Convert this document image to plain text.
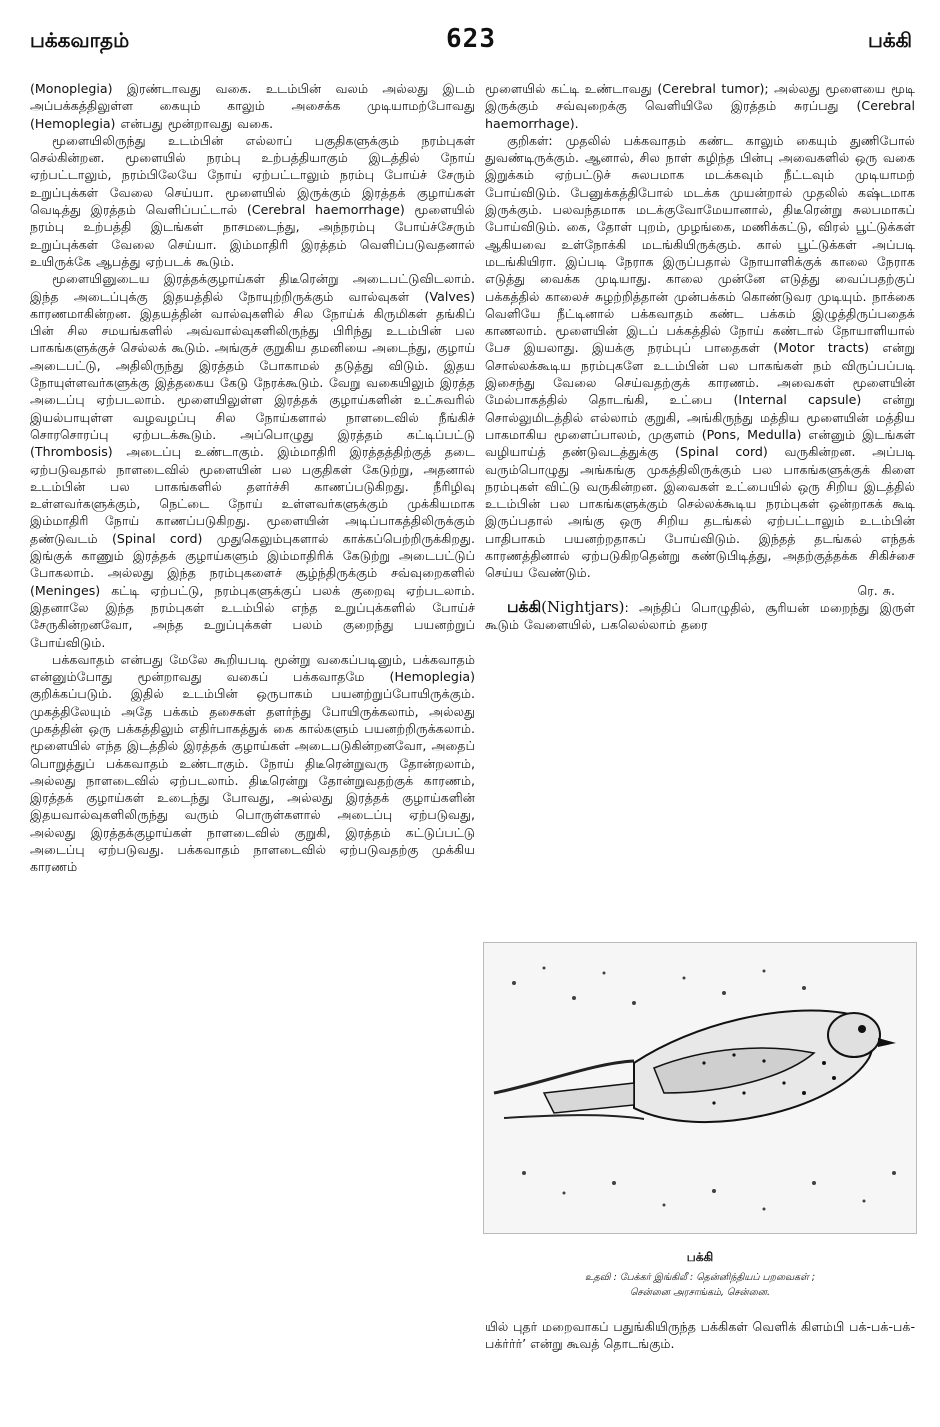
பக்கவாதம்	623	பக்கி

(Monoplegia) இரண்டாவது வகை. உடம்பின் வலம் அல்லது இடம் அப்பக்கத்திலுள்ள கையும் காலும் அசைக்க முடியாமற்போவது (Hemoplegia) என்பது மூன்றாவது வகை.

மூளையிலிருந்து உடம்பின் எல்லாப் பகுதிகளுக்கும் நரம்புகள் செல்கின்றன. மூளையில் நரம்பு உற்பத்தியாகும் இடத்தில் நோய் ஏற்பட்டாலும், நரம்பிலேயே நோய் ஏற்பட்டாலும் நரம்பு போய்ச் சேரும் உறுப்புக்கள் வேலை செய்யா. மூளையில் இருக்கும் இரத்தக் குழாய்கள் வெடித்து இரத்தம் வெளிப்பட்டால் (Cerebral haemorrhage) மூளையில் நரம்பு உற்பத்தி இடங்கள் நாசமடைந்து, அந்நரம்பு போய்ச்சேரும் உறுப்புக்கள் வேலை செய்யா. இம்மாதிரி இரத்தம் வெளிப்படுவதனால் உயிருக்கே ஆபத்து ஏற்படக் கூடும்.

மூளையினுடைய இரத்தக்குழாய்கள் திடீரென்று அடைபட்டுவிடலாம். இந்த அடைப்புக்கு இதயத்தில் நோயுற்றிருக்கும் வால்வுகள் (Valves) காரணமாகின்றன. இதயத்தின் வால்வுகளில் சில நோய்க் கிருமிகள் தங்கிப் பின் சில சமயங்களில் அவ்வால்வுகளிலிருந்து பிரிந்து உடம்பின் பல பாகங்களுக்குச் செல்லக் கூடும். அங்குச் குறுகிய தமனியை அடைந்து, குழாய் அடைபட்டு, அதிலிருந்து இரத்தம் போகாமல் தடுத்து விடும். இதய நோயுள்ளவர்களுக்கு இத்தகைய கேடு நேரக்கூடும். வேறு வகையிலும் இரத்த அடைப்பு ஏற்படலாம். மூளையிலுள்ள இரத்தக் குழாய்களின் உட்சுவரில் இயல்பாயுள்ள வழவழப்பு சில நோய்களால் நாளடைவில் நீங்கிச் சொரசொரப்பு ஏற்படக்கூடும். அப்பொழுது இரத்தம் கட்டிப்பட்டு (Thrombosis) அடைப்பு உண்டாகும். இம்மாதிரி இரத்தத்திற்குத் தடை ஏற்படுவதால் நாளடைவில் மூளையின் பல பகுதிகள் கேடுற்று, அதனால் உடம்பின் பல பாகங்களில் தளர்ச்சி காணப்படுகிறது. நீரிழிவு உள்ளவர்களுக்கும், நெட்டை நோய் உள்ளவர்களுக்கும் முக்கியமாக இம்மாதிரி நோய் காணப்படுகிறது. மூளையின் அடிப்பாகத்திலிருக்கும் தண்டுவடம் (Spinal cord) முதுகெலும்புகளால் காக்கப்பெற்றிருக்கிறது. இங்குக் காணும் இரத்தக் குழாய்களும் இம்மாதிரிக் கேடுற்று அடைபட்டுப் போகலாம். அல்லது இந்த நரம்புகளைச் சூழ்ந்திருக்கும் சவ்வுறைகளில் (Meninges) கட்டி ஏற்பட்டு, நரம்புகளுக்குப் பலக் குறைவு ஏற்படலாம். இதனாலே இந்த நரம்புகள் உடம்பில் எந்த உறுப்புக்களில் போய்ச் சேருகின்றனவோ, அந்த உறுப்புக்கள் பலம் குறைந்து பயனற்றுப் போய்விடும்.

பக்கவாதம் என்பது மேலே கூறியபடி மூன்று வகைப்படினும், பக்கவாதம் என்னும்போது மூன்றாவது வகைப் பக்கவாதமே (Hemoplegia) குறிக்கப்படும். இதில் உடம்பின் ஒருபாகம் பயனற்றுப்போயிருக்கும். முகத்திலேயும் அதே பக்கம் தசைகள் தளர்ந்து போயிருக்கலாம், அல்லது முகத்தின் ஒரு பக்கத்திலும் எதிர்பாகத்துக் கை கால்களும் பயனற்றிருக்கலாம். மூளையில் எந்த இடத்தில் இரத்தக் குழாய்கள் அடைபடுகின்றனவோ, அதைப் பொறுத்துப் பக்கவாதம் உண்டாகும். நோய் திடீரென்றுவரு தோன்றலாம், அல்லது நாளடைவில் ஏற்படலாம். திடீரென்று தோன்றுவதற்குக் காரணம், இரத்தக் குழாய்கள் உடைந்து போவது, அல்லது இரத்தக் குழாய்களின் இதயவால்வுகளிலிருந்து வரும் பொருள்களால் அடைப்பு ஏற்படுவது, அல்லது இரத்தக்குழாய்கள் நாளடைவில் குறுகி, இரத்தம் கட்டுப்பட்டு அடைப்பு ஏற்படுவது. பக்கவாதம் நாளடைவில் ஏற்படுவதற்கு முக்கிய காரணம்

மூளையில் கட்டி உண்டாவது (Cerebral tumor); அல்லது மூளையை மூடி இருக்கும் சவ்வுறைக்கு வெளியிலே இரத்தம் சுரப்பது (Cerebral haemorrhage).

குறிகள்: முதலில் பக்கவாதம் கண்ட காலும் கையும் துணிபோல் துவண்டிருக்கும். ஆனால், சில நாள் கழிந்த பின்பு அவைகளில் ஒரு வகை இறுக்கம் ஏற்பட்டுச் சுலபமாக மடக்கவும் நீட்டவும் முடியாமற் போய்விடும். பேனுக்கத்திபோல் மடக்க முயன்றால் முதலில் கஷ்டமாக இருக்கும். பலவந்தமாக மடக்குவோமேயானால், திடீரென்று சுலபமாகப் போய்விடும். கை, தோள் புறம், முழங்கை, மணிக்கட்டு, விரல் பூட்டுக்கள் ஆகியவை உள்நோக்கி மடங்கியிருக்கும். கால் பூட்டுக்கள் அப்படி மடங்கியிரா. இப்படி நேராக இருப்பதால் நோயாளிக்குக் காலை நேராக எடுத்து வைக்க முடியாது. காலை முன்னே எடுத்து வைப்பதற்குப் பக்கத்தில் காலைச் சுழற்றித்தான் முன்பக்கம் கொண்டுவர முடியும். நாக்கை வெளியே நீட்டினால் பக்கவாதம் கண்ட பக்கம் இழுத்திருப்பதைக் காணலாம். மூளையின் இடப் பக்கத்தில் நோய் கண்டால் நோயாளியால் பேச இயலாது. இயக்கு நரம்புப் பாதைகள் (Motor tracts) என்று சொல்லக்கூடிய நரம்புகளே உடம்பின் பல பாகங்கள் நம் விருப்பப்படி இசைந்து வேலை செய்வதற்குக் காரணம். அவைகள் மூளையின் மேல்பாகத்தில் தொடங்கி, உட்பை (Internal capsule) என்று சொல்லுமிடத்தில் எல்லாம் குறுகி, அங்கிருந்து மத்திய மூளையின் மத்திய பாகமாகிய மூளைப்பாலம், முகுளம் (Pons, Medulla) என்னும் இடங்கள் வழியாய்த் தண்டுவடத்துக்கு (Spinal cord) வருகின்றன. அப்படி வரும்பொழுது அங்கங்கு முகத்திலிருக்கும் பல பாகங்களுக்குக் கிளை நரம்புகள் விட்டு வருகின்றன. இவைகள் உட்பையில் ஒரு சிறிய இடத்தில் உடம்பின் பல பாகங்களுக்கும் செல்லக்கூடிய நரம்புகள் ஒன்றாகக் கூடி இருப்பதால் அங்கு ஒரு சிறிய தடங்கல் ஏற்பட்டாலும் உடம்பின் பாதிபாகம் பயனற்றதாகப் போய்விடும். இந்தத் தடங்கல் எந்தக் காரணத்தினால் ஏற்படுகிறதென்று கண்டுபிடித்து, அதற்குத்தக்க சிகிச்சை செய்ய வேண்டும்.

ரெ. சு.

பக்கி(Nightjars): அந்திப் பொழுதில், சூரியன் மறைந்து இருள் கூடும் வேளையில், பகலெல்லாம் தரை

பக்கி
உதவி : பேக்கர் இங்கிலீ : தென்னிந்தியப் பறவைகள் ;
சென்னை அரசாங்கம், சென்னை.

யில் புதர் மறைவாகப் பதுங்கியிருந்த பக்கிகள் வெளிக் கிளம்பி பக்-பக்-பக்-பக்ர்ர்ர்’ என்று கூவத் தொடங்கும்.
